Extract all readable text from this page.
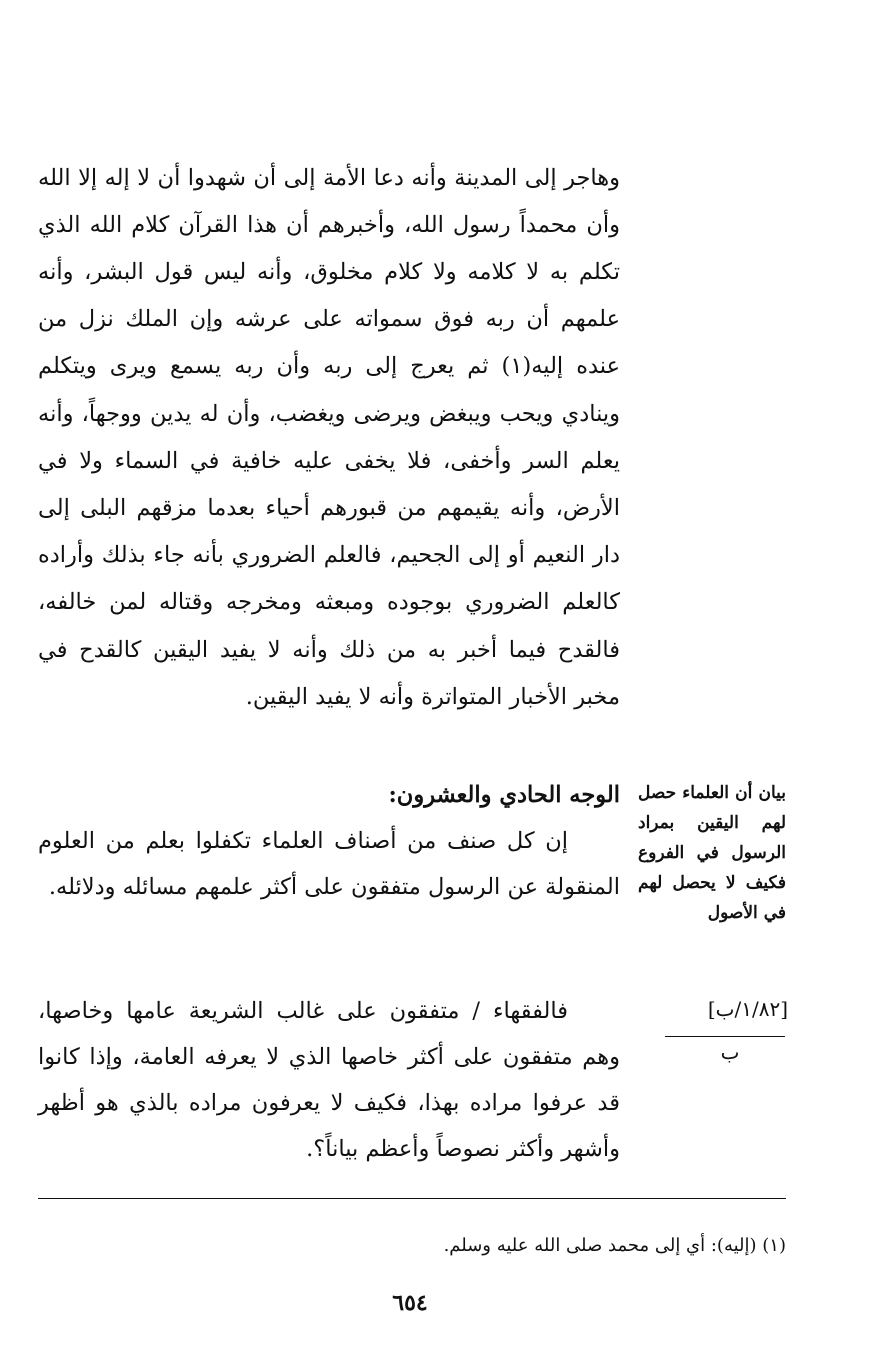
وهاجر إلى المدينة وأنه دعا الأمة إلى أن شهدوا أن لا إله إلا الله وأن محمداً رسول الله، وأخبرهم أن هذا القرآن كلام الله الذي تكلم به لا كلامه ولا كلام مخلوق، وأنه ليس قول البشر، وأنه علمهم أن ربه فوق سمواته على عرشه وإن الملك نزل من عنده إليه(١) ثم يعرج إلى ربه وأن ربه يسمع ويرى ويتكلم وينادي ويحب ويبغض ويرضى ويغضب، وأن له يدين ووجهاً، وأنه يعلم السر وأخفى، فلا يخفى عليه خافية في السماء ولا في الأرض، وأنه يقيمهم من قبورهم أحياء بعدما مزقهم البلى إلى دار النعيم أو إلى الجحيم، فالعلم الضروري بأنه جاء بذلك وأراده كالعلم الضروري بوجوده ومبعثه ومخرجه وقتاله لمن خالفه، فالقدح فيما أخبر به من ذلك وأنه لا يفيد اليقين كالقدح في مخبر الأخبار المتواترة وأنه لا يفيد اليقين.

الوجه الحادي والعشرون:

إن كل صنف من أصناف العلماء تكفلوا بعلم من العلوم المنقولة عن الرسول متفقون على أكثر علمهم مسائله ودلائله.

فالفقهاء / متفقون على غالب الشريعة عامها وخاصها، وهم متفقون على أكثر خاصها الذي لا يعرفه العامة، وإذا كانوا قد عرفوا مراده بهذا، فكيف لا يعرفون مراده بالذي هو أظهر وأشهر وأكثر نصوصاً وأعظم بياناً؟.

بيان أن العلماء حصل لهم اليقين بمراد الرسول في الفروع فكيف لا يحصل لهم في الأصول
[١/٨٢/ب]
ب

(١) (إليه): أي إلى محمد صلى الله عليه وسلم.

٦٥٤
